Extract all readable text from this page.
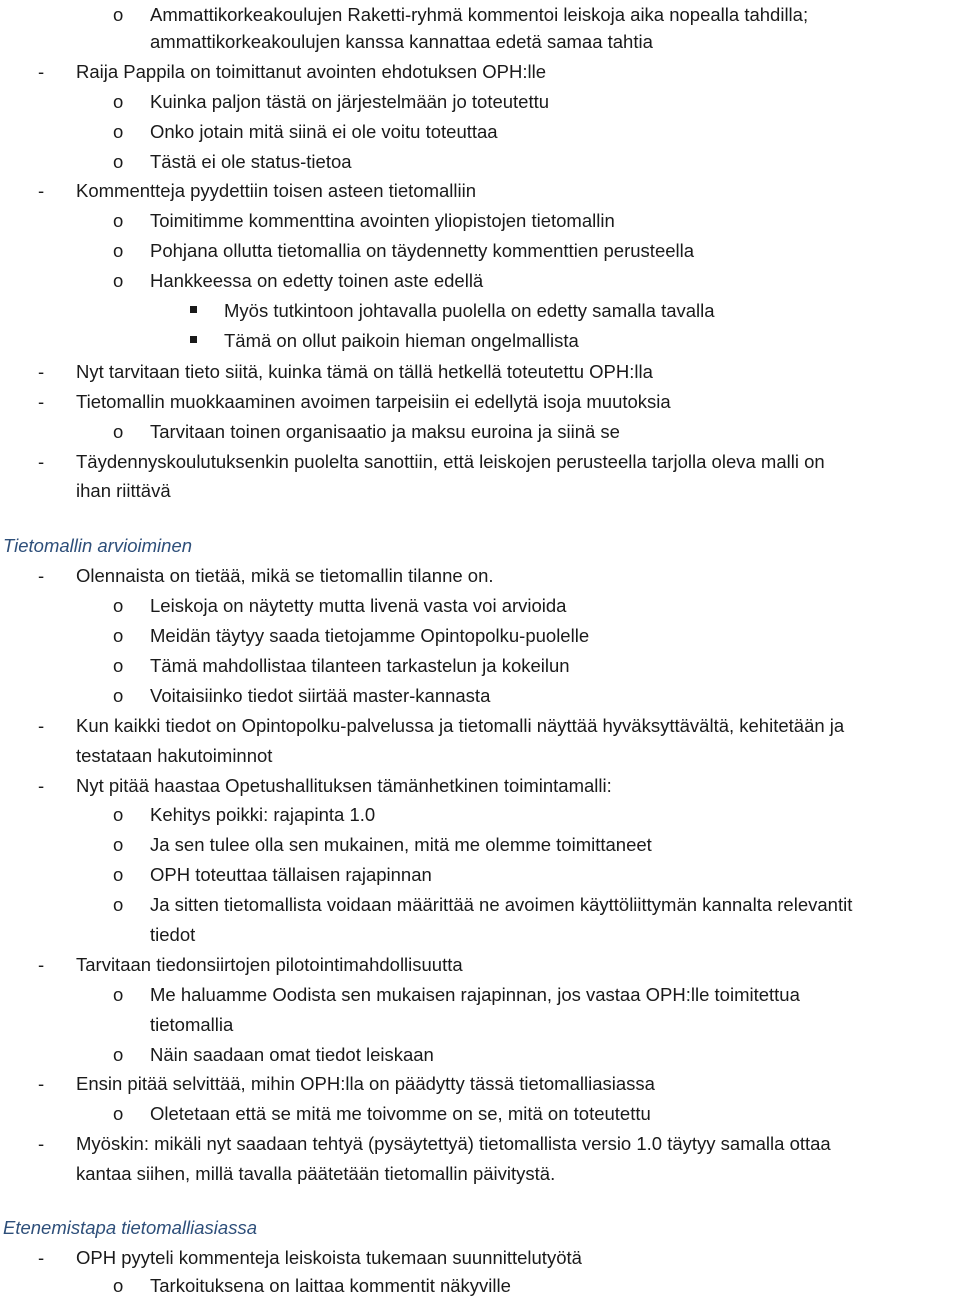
o Ammattikorkeakoulujen Raketti-ryhmä kommentoi leiskoja aika nopealla tahdilla;
ammattikorkeakoulujen kanssa kannattaa edetä samaa tahtia
- Raija Pappila on toimittanut avointen ehdotuksen OPH:lle
o Kuinka paljon tästä on järjestelmään jo toteutettu
o Onko jotain mitä siinä ei ole voitu toteuttaa
o Tästä ei ole status-tietoa
- Kommentteja pyydettiin toisen asteen tietomalliin
o Toimitimme kommenttina avointen yliopistojen tietomallin
o Pohjana ollutta tietomallia on täydennetty kommenttien perusteella
o Hankkeessa on edetty toinen aste edellä
Myös tutkintoon johtavalla puolella on edetty samalla tavalla
Tämä on ollut paikoin hieman ongelmallista
- Nyt tarvitaan tieto siitä, kuinka tämä on tällä hetkellä toteutettu OPH:lla
- Tietomallin muokkaaminen avoimen tarpeisiin ei edellytä isoja muutoksia
o Tarvitaan toinen organisaatio ja maksu euroina ja siinä se
- Täydennyskoulutuksenkin puolelta sanottiin, että leiskojen perusteella tarjolla oleva malli on
ihan riittävä
Tietomallin arvioiminen
- Olennaista on tietää, mikä se tietomallin tilanne on.
o Leiskoja on näytetty mutta livenä vasta voi arvioida
o Meidän täytyy saada tietojamme Opintopolku-puolelle
o Tämä mahdollistaa tilanteen tarkastelun ja kokeilun
o Voitaisiinko tiedot siirtää master-kannasta
- Kun kaikki tiedot on Opintopolku-palvelussa ja tietomalli näyttää hyväksyttävältä, kehitetään ja
testataan hakutoiminnot
- Nyt pitää haastaa Opetushallituksen tämänhetkinen toimintamalli:
o Kehitys poikki: rajapinta 1.0
o Ja sen tulee olla sen mukainen, mitä me olemme toimittaneet
o OPH toteuttaa tällaisen rajapinnan
o Ja sitten tietomallista voidaan määrittää ne avoimen käyttöliittymän kannalta relevantit
tiedot
- Tarvitaan tiedonsiirtojen pilotointimahdollisuutta
o Me haluamme Oodista sen mukaisen rajapinnan, jos vastaa OPH:lle toimitettua
tietomallia
o Näin saadaan omat tiedot leiskaan
- Ensin pitää selvittää, mihin OPH:lla on päädytty tässä tietomalliasiassa
o Oletetaan että se mitä me toivomme on se, mitä on toteutettu
- Myöskin: mikäli nyt saadaan tehtyä (pysäytettyä) tietomallista versio 1.0 täytyy samalla ottaa
kantaa siihen, millä tavalla päätetään tietomallin päivitystä.
Etenemistapa tietomalliasiassa
- OPH pyyteli kommenteja leiskoista tukemaan suunnittelutyötä
o Tarkoituksena on laittaa kommentit näkyville
